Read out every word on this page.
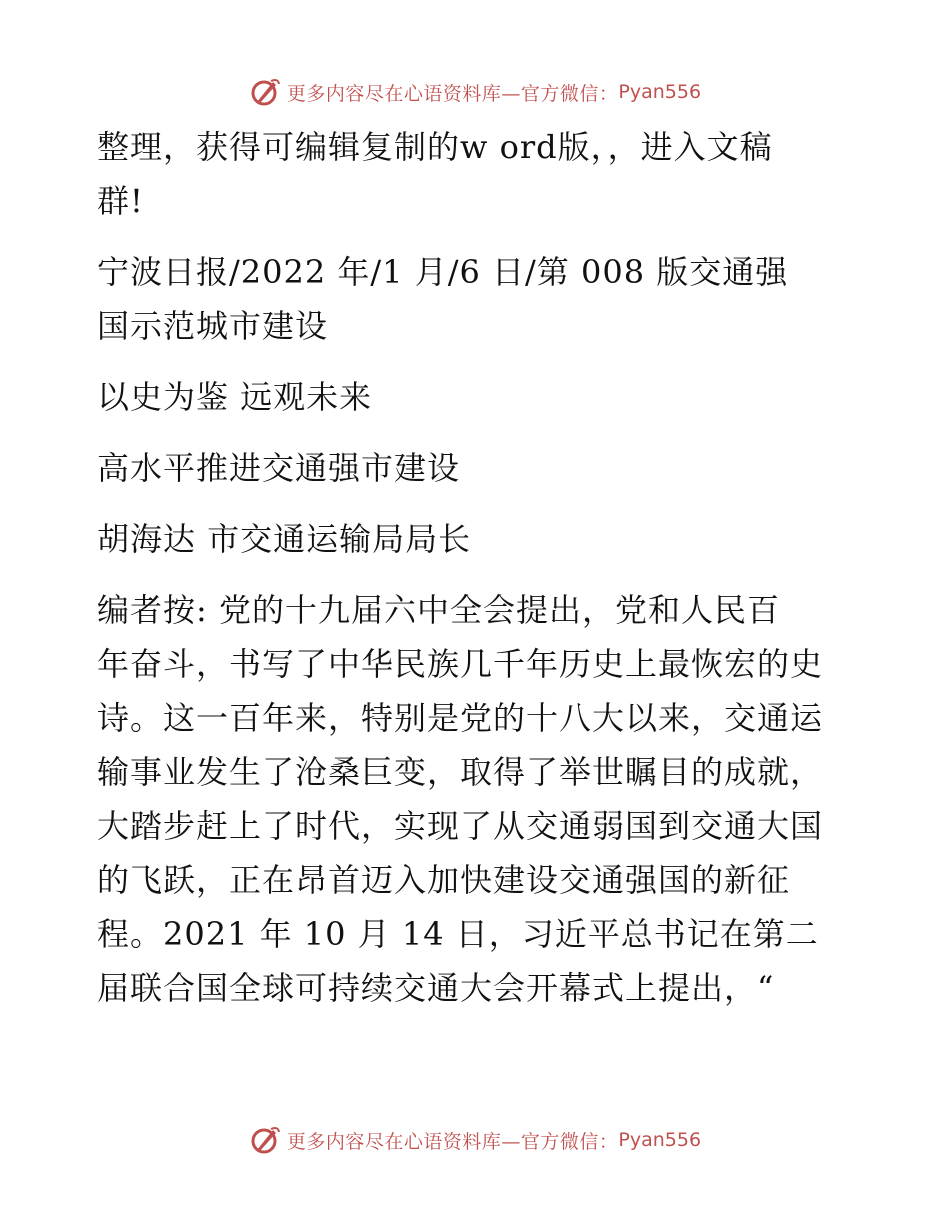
更多内容尽在心语资料库—官方微信： Pyan556
整理，获得可编辑复制的w ord版，，进入文稿
群!
宁波日报/2022 年/1 月/6 日/第 008 版交通强
国示范城市建设
以史为鉴 远观未来
高水平推进交通强市建设
胡海达 市交通运输局局长
编者按: 党的十九届六中全会提出，党和人民百
年奋斗，书写了中华民族几千年历史上最恢宏的史
诗。这一百年来，特别是党的十八大以来，交通运
输事业发生了沧桑巨变，取得了举世瞩目的成就，
大踏步赶上了时代，实现了从交通弱国到交通大国
的飞跃，正在昂首迈入加快建设交通强国的新征
程。2021 年 10 月 14 日，习近平总书记在第二
届联合国全球可持续交通大会开幕式上提出，“
更多内容尽在心语资料库—官方微信： Pyan556
